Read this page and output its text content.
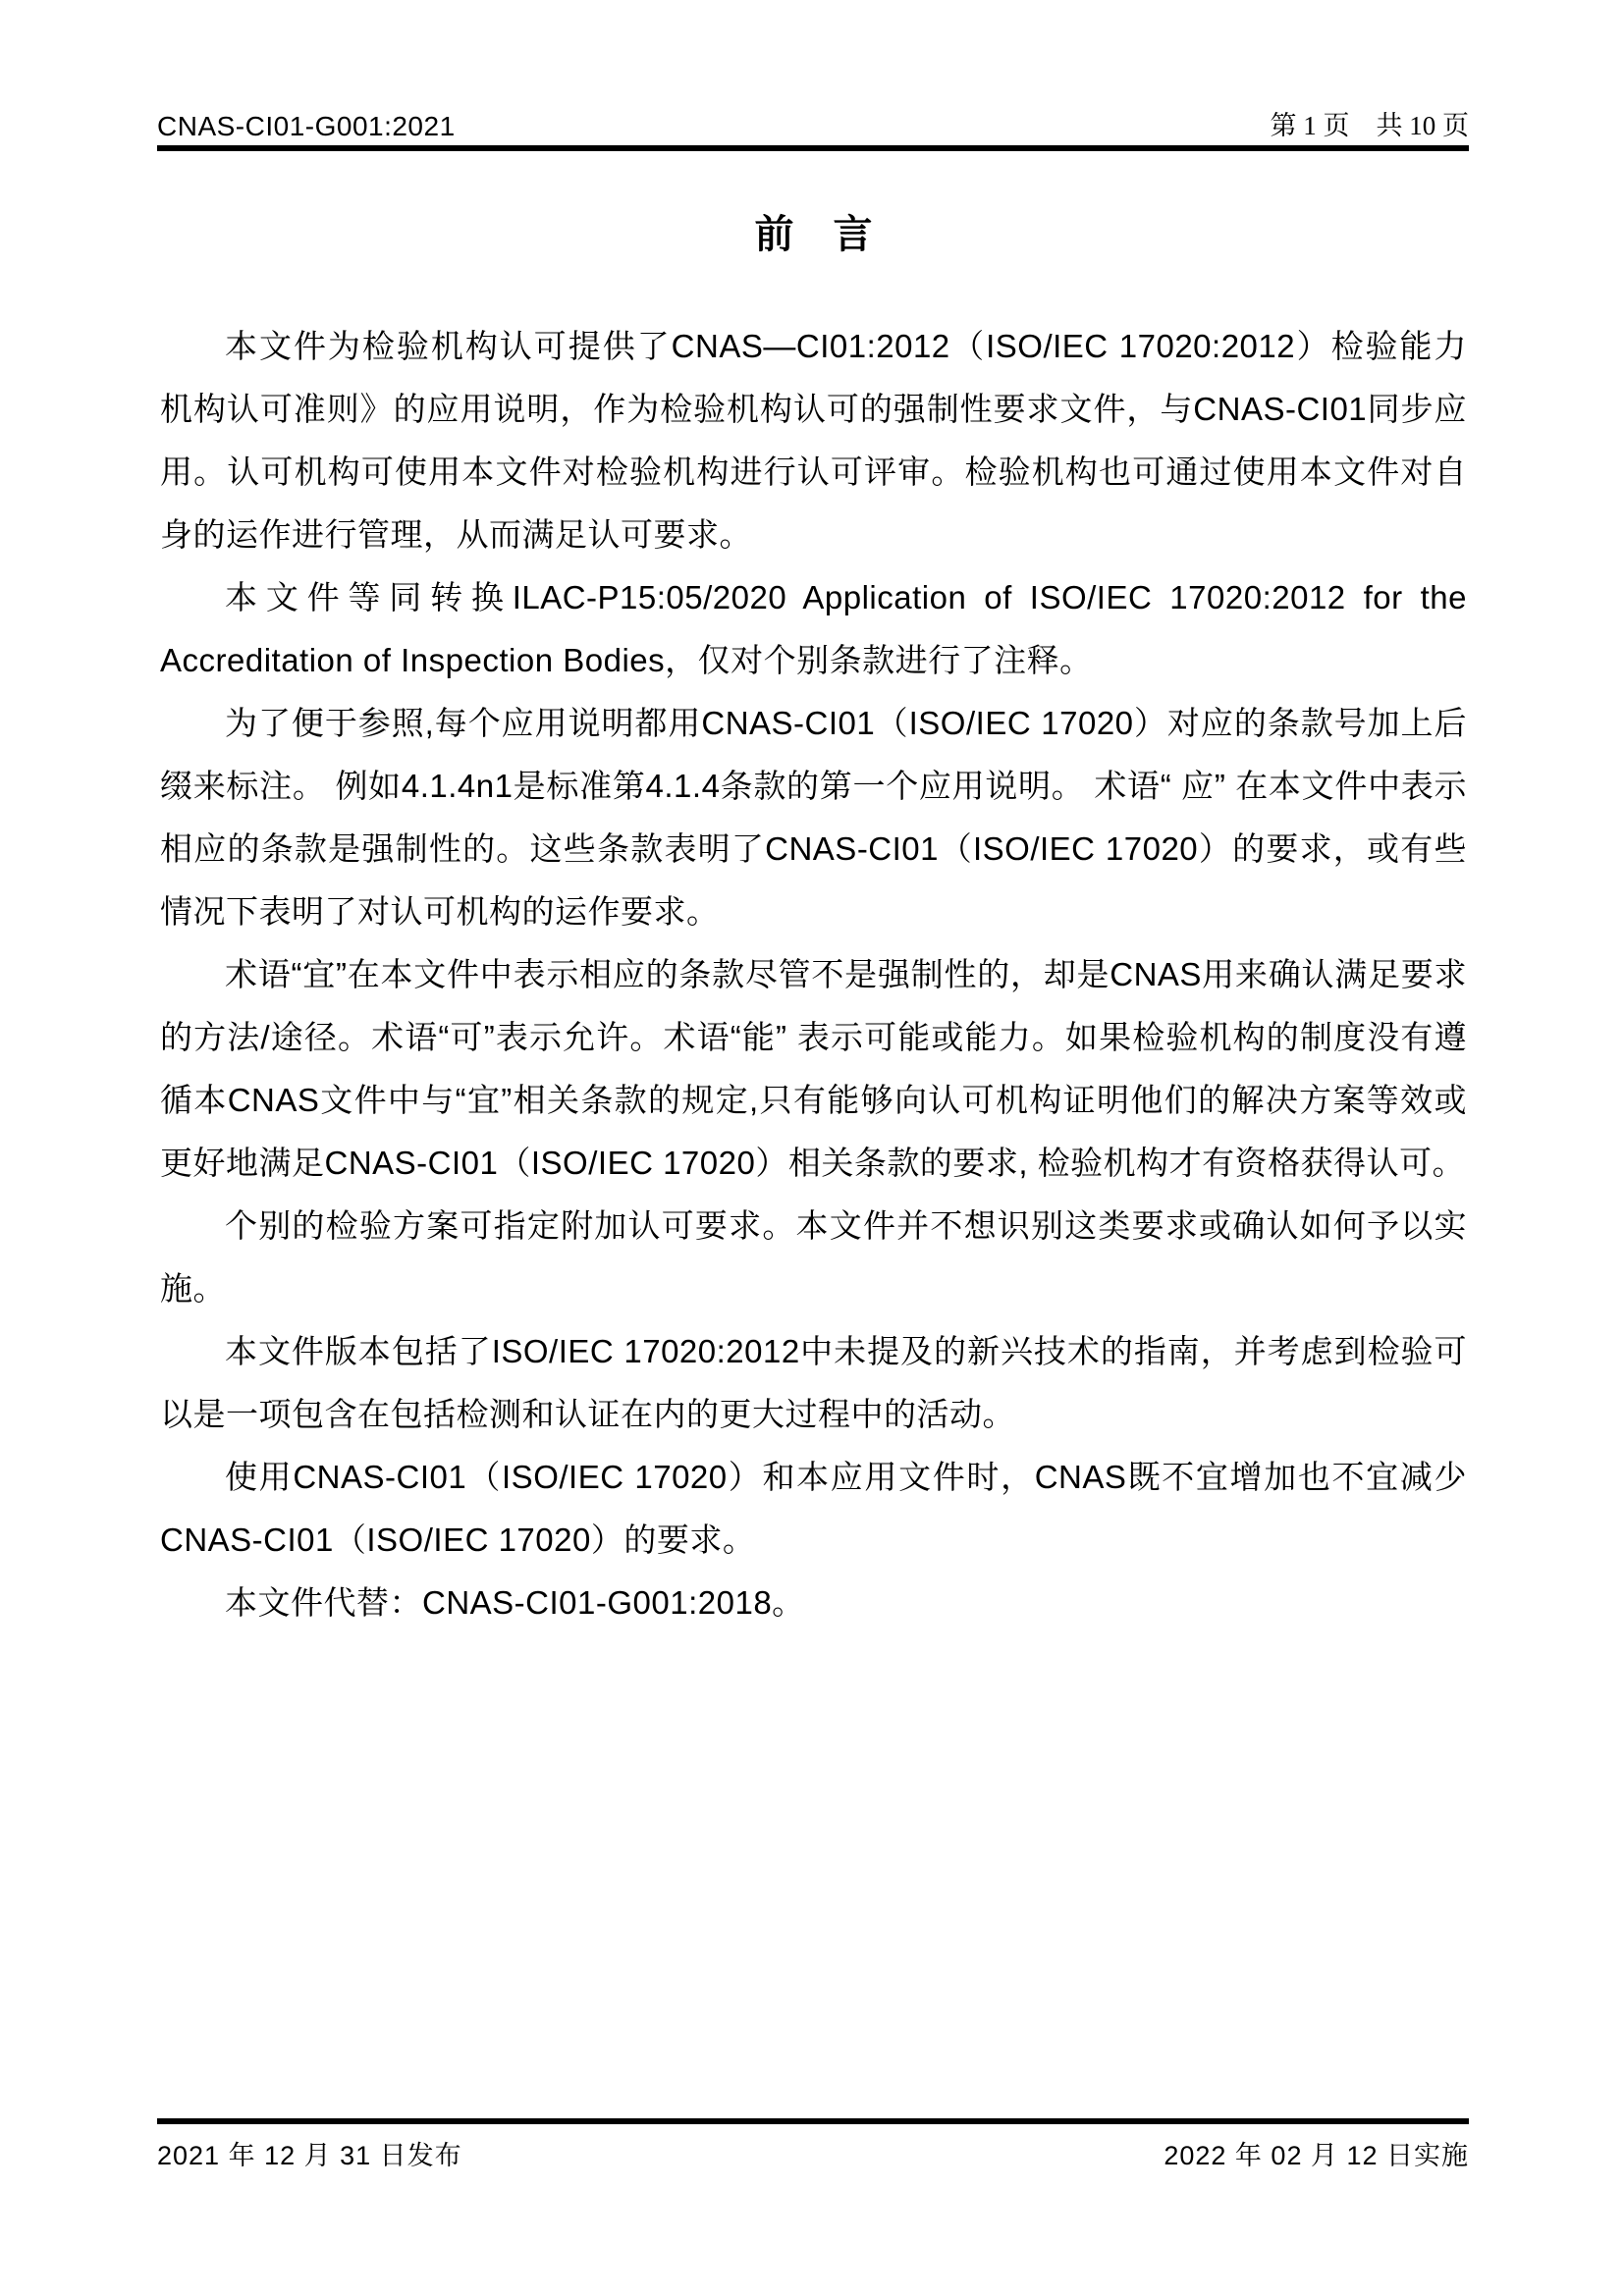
CNAS-CI01-G001:2021	第 1 页　共 10 页
前　言

本文件为检验机构认可提供了CNAS—CI01:2012（ISO/IEC 17020:2012）检验能力机构认可准则》的应用说明，作为检验机构认可的强制性要求文件，与CNAS-CI01同步应用。认可机构可使用本文件对检验机构进行认可评审。检验机构也可通过使用本文件对自身的运作进行管理，从而满足认可要求。

本文件等同转换ILAC-P15:05/2020 Application of ISO/IEC 17020:2012 for the Accreditation of Inspection Bodies，仅对个别条款进行了注释。

为了便于参照,每个应用说明都用CNAS-CI01（ISO/IEC 17020）对应的条款号加上后缀来标注。 例如4.1.4n1是标准第4.1.4条款的第一个应用说明。 术语“ 应” 在本文件中表示相应的条款是强制性的。这些条款表明了CNAS-CI01（ISO/IEC 17020）的要求，或有些情况下表明了对认可机构的运作要求。

术语“宜”在本文件中表示相应的条款尽管不是强制性的，却是CNAS用来确认满足要求的方法/途径。术语“可”表示允许。术语“能” 表示可能或能力。如果检验机构的制度没有遵循本CNAS文件中与“宜”相关条款的规定,只有能够向认可机构证明他们的解决方案等效或更好地满足CNAS-CI01（ISO/IEC 17020）相关条款的要求, 检验机构才有资格获得认可。

个别的检验方案可指定附加认可要求。本文件并不想识别这类要求或确认如何予以实施。

本文件版本包括了ISO/IEC 17020:2012中未提及的新兴技术的指南，并考虑到检验可以是一项包含在包括检测和认证在内的更大过程中的活动。

使用CNAS-CI01（ISO/IEC 17020）和本应用文件时，CNAS既不宜增加也不宜减少CNAS-CI01（ISO/IEC 17020）的要求。

本文件代替：CNAS-CI01-G001:2018。

2021 年 12 月 31 日发布	2022 年 02 月 12 日实施
